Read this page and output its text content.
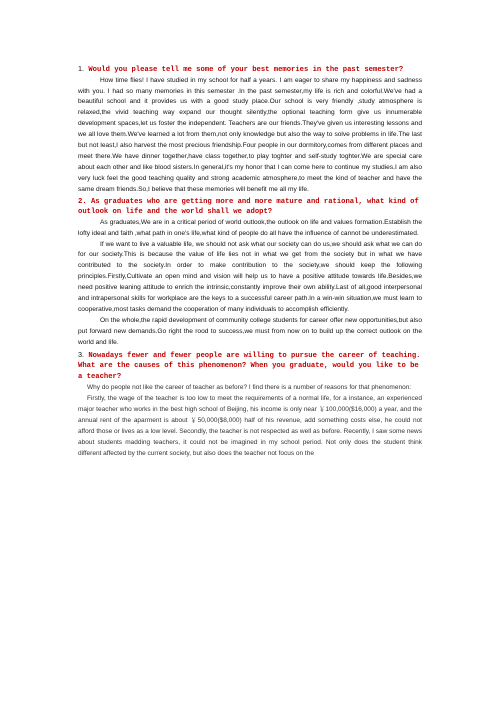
1. Would you please tell me some of your best memories in the past semester?

How time flies! I have studied in my school for half a years. I am eager to share my happiness and sadness with you. I had so many memories in this semester .In the past semester,my life is rich and colorful.We've had a beautiful school and it provides us with a good study place.Our school is very friendly ,study atmosphere is relaxed,the vivid teaching way expand our thought silently,the optional teaching form give us innumerable development spaces,let us foster the independent. Teachers are our friends.They've given us interesting lessons and we all love them.We've learned a lot from them,not only knowledge but also the way to solve problems in life.The last but not least,I also harvest the most precious friendship.Four people in our dormitory,comes from different places and meet there.We have dinner together,have class together,to play toghter and self-study toghter.We are special care about each other and like blood sisters.In general,it's my honor that I can come here to continue my studies.I am also very luck feel the good teaching quality and strong academic atmosphere,to meet the kind of teacher and have the same dream friends.So,I believe that these memories will benefit me all my life.

2. As graduates who are getting more and more mature and rational, what kind of outlook on life and the world shall we adopt?

As graduates,We are in a critical period of world outlook,the outlook on life and values formation.Establish the lofty ideal and faith ,what path in one's life,what kind of people do all have the influence of cannot be underestimated.

If we want to live a valuable life, we should not ask what our society can do us,we should ask what we can do for our society.This is because the value of life lies not in what we get from the society but in what we have contributed to the society.In order to make contribution to the society,we should keep the following principles.Firstly,Cultivate an open mind and vision will help us to have a positive attitude towards life.Besides,we need positive leaning attitude to enrich the intrinsic,constantly improve their own ability.Last of all,good interpersonal and intrapersonal skills for workplace are the keys to a successful career path.In a win-win situation,we must learn to cooperative,most tasks demand the cooperation of many individuals to accomplish efficiently.

On the whole,the rapid development of community college students for career offer new opportunities,but also put forward new demands.Go right the rood to success,we must from now on to build up the correct outlook on the world and life.

3. Nowadays fewer and fewer people are willing to pursue the career of teaching. What are the causes of this phenomenon? When you graduate, would you like to be a teacher?

Why do people not like the career of teacher as before? I find there is a number of reasons for that phenomenon:

Firstly, the wage of the teacher is too low to meet the requirements of a normal life, for a instance, an experienced major teacher who works in the best high school of Beijing, his income is only near ￥100,000($16,000) a year, and the annual rent of the aparment is about ￥50,000($8,000) half of his revenue, add something costs else, he could not afford those or lives as a low level. Secondly, the teacher is not respected as well as before. Recently, I saw some news about students madding teachers, it could not be imagined in my school period. Not only does the student think different affected by the current society, but also does the teacher not focus on the
